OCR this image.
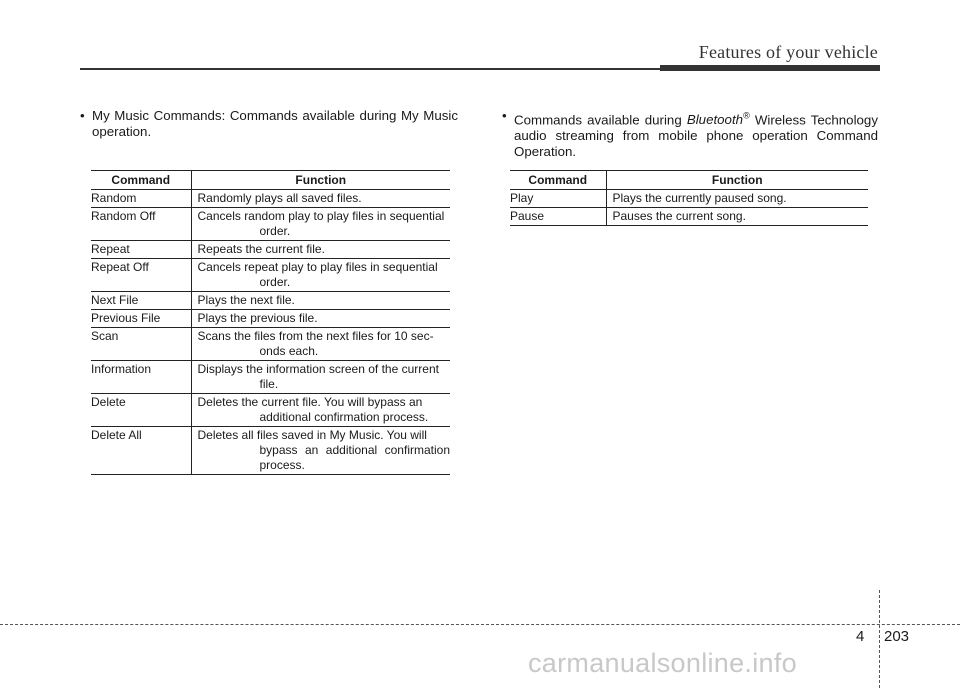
Features of your vehicle
• My Music Commands: Commands available during My Music operation.
Command	Function
Random	Randomly plays all saved files.
Random Off	Cancels random play to play files in sequential
order.

Repeat	Repeats the current file.
Repeat Off	Cancels repeat play to play files in sequential
order.

Next File	Plays the next file.
Previous File	Plays the previous file.
Scan	Scans the files from the next files for 10 sec-
onds each.

Information	Displays the information screen of the current
file.

Delete	Deletes the current file. You will bypass an
additional confirmation process.

Delete All	Deletes all files saved in My Music. You will
bypass an additional confirmation process.
• Commands available during Bluetooth® Wireless Technology audio streaming from mobile phone operation Command Operation.
Command	Function
Play	Plays the currently paused song.
Pause	Pauses the current song.
4 203
carmanualsonline.info
